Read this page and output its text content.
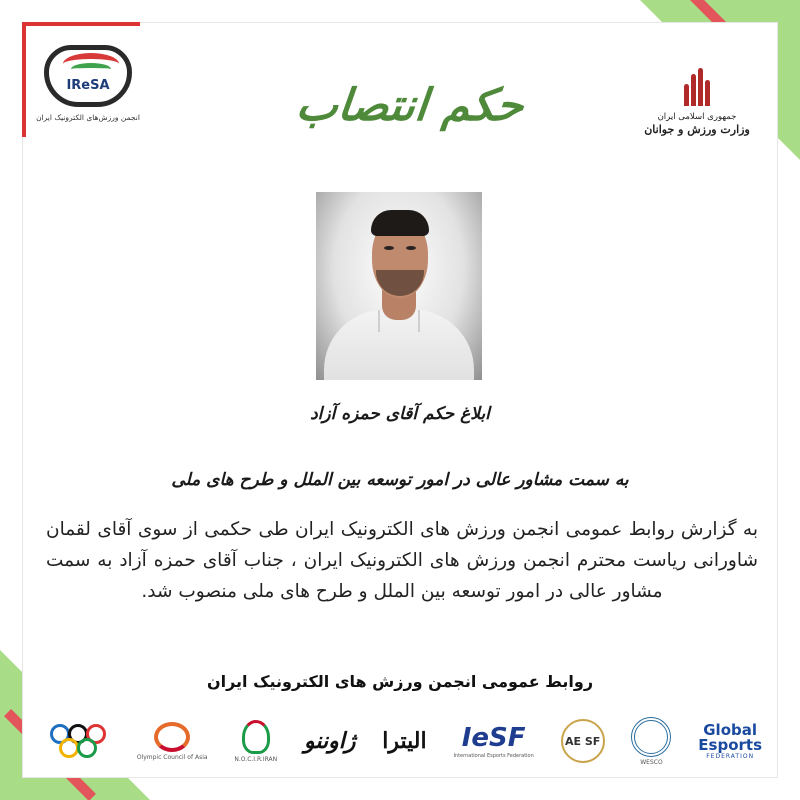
IReSA
انجمن ورزش‌های الکترونیک ایران	حکم انتصاب	جمهوری اسلامی ایران
وزارت ورزش و جوانان
ابلاغ حکم آقای حمزه آزاد
به سمت مشاور عالی در امور توسعه بین الملل و طرح های ملی
به گزارش روابط عمومی انجمن ورزش های الکترونیک ایران طی حکمی از سوی آقای لقمان شاورانی ریاست محترم انجمن ورزش های الکترونیک ایران ، جناب آقای حمزه آزاد به سمت مشاور عالی در امور توسعه بین الملل و طرح های ملی منصوب شد.
روابط عمومی انجمن ورزش های الکترونیک ایران
Olympic Council of Asia	N.O.C.I.R.IRAN
ژاوننو الیترا IeSF
International Esports Federation
AE SF
WESCO
Global
Esports
FEDERATION
